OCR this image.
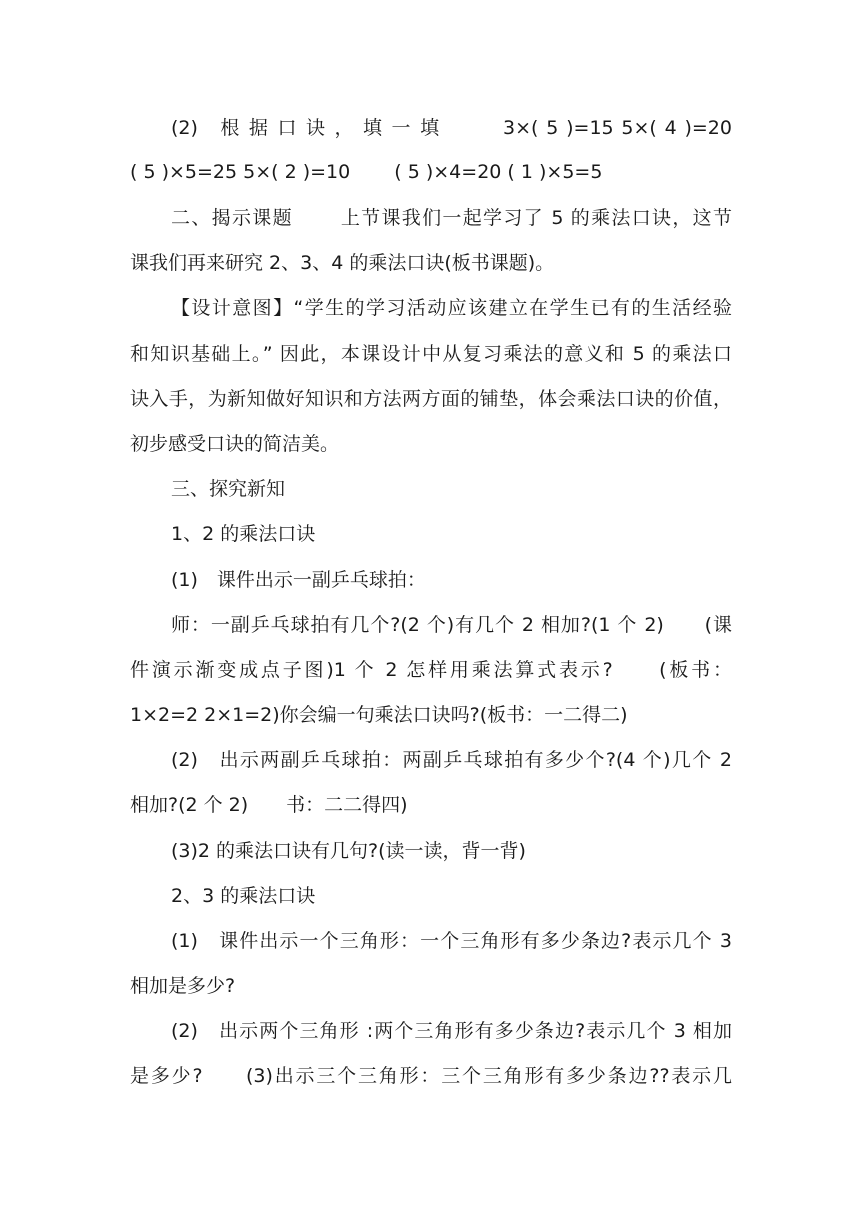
(2)　根 据 口 诀 ， 填 一 填　　　3×( 5 )=15 5×( 4 )=20
( 5 )×5=25 5×( 2 )=10　　 ( 5 )×4=20 ( 1 )×5=5
二、揭示课题　　 上节课我们一起学习了 5 的乘法口诀，这节
课我们再来研究 2、3、4 的乘法口诀(板书课题)。
【设计意图】“学生的学习活动应该建立在学生已有的生活经验
和知识基础上。” 因此，本课设计中从复习乘法的意义和 5 的乘法口
诀入手，为新知做好知识和方法两方面的铺垫，体会乘法口诀的价值，
初步感受口诀的简洁美。
三、探究新知
1、2 的乘法口诀
(1)　课件出示一副乒乓球拍：
师：一副乒乓球拍有几个?(2 个)有几个 2 相加?(1 个 2)　　(课
件演示渐变成点子图)1 个 2 怎样用乘法算式表示?　　(板书：
1×2=2 2×1=2)你会编一句乘法口诀吗?(板书：一二得二)
(2)　出示两副乒乓球拍：两副乒乓球拍有多少个?(4 个)几个 2
相加?(2 个 2)　　书：二二得四)
(3)2 的乘法口诀有几句?(读一读，背一背)
2、3 的乘法口诀
(1)　课件出示一个三角形：一个三角形有多少条边?表示几个 3
相加是多少?
(2)　出示两个三角形 :两个三角形有多少条边?表示几个 3 相加
是多少?　　(3)出示三个三角形：三个三角形有多少条边??表示几
